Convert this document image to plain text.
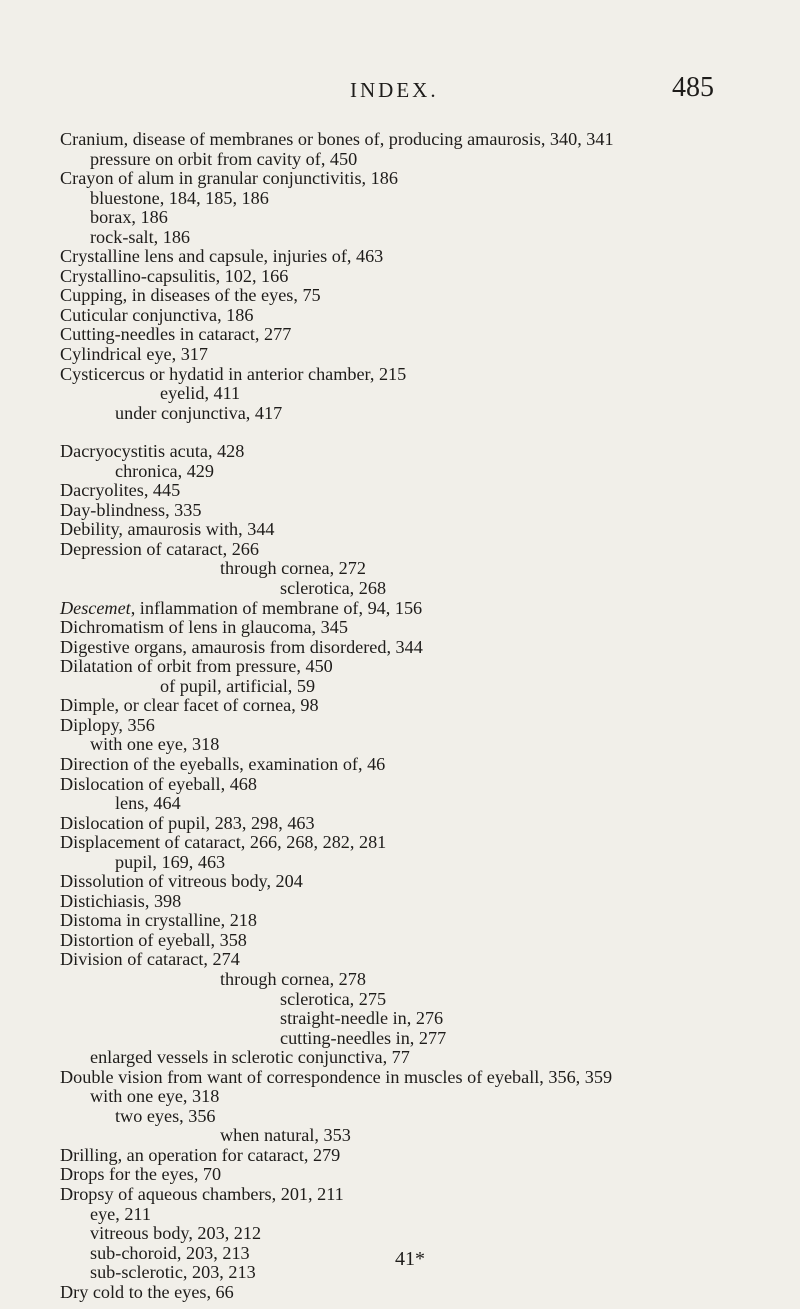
INDEX.	485
Cranium, disease of membranes or bones of, producing amaurosis, 340, 341
pressure on orbit from cavity of, 450
Crayon of alum in granular conjunctivitis, 186
bluestone, 184, 185, 186
borax, 186
rock-salt, 186
Crystalline lens and capsule, injuries of, 463
Crystallino-capsulitis, 102, 166
Cupping, in diseases of the eyes, 75
Cuticular conjunctiva, 186
Cutting-needles in cataract, 277
Cylindrical eye, 317
Cysticercus or hydatid in anterior chamber, 215
eyelid, 411
under conjunctiva, 417
Dacryocystitis acuta, 428
chronica, 429
Dacryolites, 445
Day-blindness, 335
Debility, amaurosis with, 344
Depression of cataract, 266
through cornea, 272
sclerotica, 268
Descemet, inflammation of membrane of, 94, 156
Dichromatism of lens in glaucoma, 345
Digestive organs, amaurosis from disordered, 344
Dilatation of orbit from pressure, 450
of pupil, artificial, 59
Dimple, or clear facet of cornea, 98
Diplopy, 356
with one eye, 318
Direction of the eyeballs, examination of, 46
Dislocation of eyeball, 468
lens, 464
Dislocation of pupil, 283, 298, 463
Displacement of cataract, 266, 268, 282, 281
pupil, 169, 463
Dissolution of vitreous body, 204
Distichiasis, 398
Distoma in crystalline, 218
Distortion of eyeball, 358
Division of cataract, 274
through cornea, 278
sclerotica, 275
straight-needle in, 276
cutting-needles in, 277
enlarged vessels in sclerotic conjunctiva, 77
Double vision from want of correspondence in muscles of eyeball, 356, 359
with one eye, 318
two eyes, 356
when natural, 353
Drilling, an operation for cataract, 279
Drops for the eyes, 70
Dropsy of aqueous chambers, 201, 211
eye, 211
vitreous body, 203, 212
sub-choroid, 203, 213
sub-sclerotic, 203, 213
Dry cold to the eyes, 66
41*
